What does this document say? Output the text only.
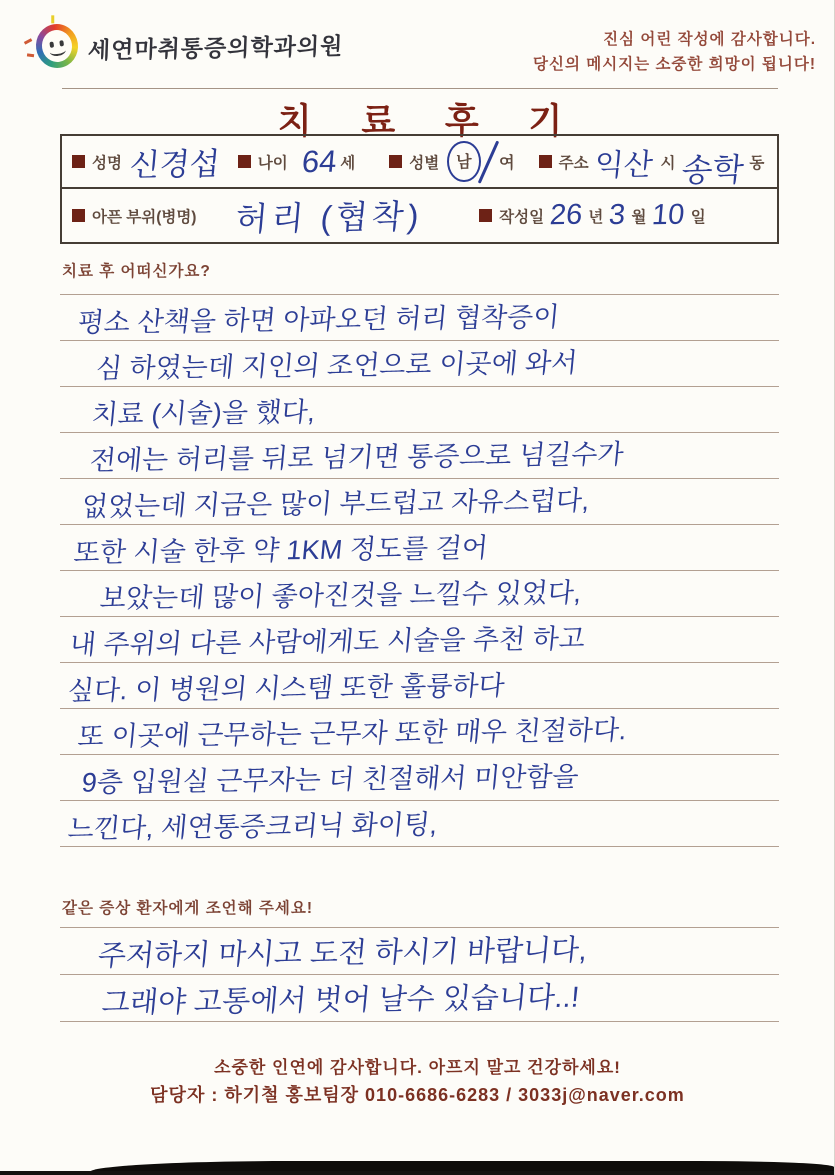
세연마취통증의학과의원	진심 어린 작성에 감사합니다.
당신의 메시지는 소중한 희망이 됩니다!
치 료 후 기
성명 신경섭 나이 64 세	성별	남	여	주소 익산 시 송학 동
아픈 부위(병명) 허리 (협착)	작성일 26 년 3 월 10 일
치료 후 어떠신가요?
평소 산책을 하면 아파오던 허리 협착증이
심 하였는데 지인의 조언으로 이곳에 와서
치료 (시술)을 했다,
전에는 허리를 뒤로 넘기면 통증으로 넘길수가
없었는데 지금은 많이 부드럽고 자유스럽다,
또한 시술 한후 약 1KM 정도를 걸어
보았는데 많이 좋아진것을 느낄수 있었다,
내 주위의 다른 사람에게도 시술을 추천 하고
싶다. 이 병원의 시스템 또한 훌륭하다
또 이곳에 근무하는 근무자 또한 매우 친절하다.
9층 입원실 근무자는 더 친절해서 미안함을
느낀다, 세연통증크리닉 화이팅,
같은 증상 환자에게 조언해 주세요!
주저하지 마시고 도전 하시기 바랍니다,
그래야 고통에서 벗어 날수 있습니다..!
소중한 인연에 감사합니다. 아프지 말고 건강하세요!
담당자 : 하기철 홍보팀장 010-6686-6283 / 3033j@naver.com
